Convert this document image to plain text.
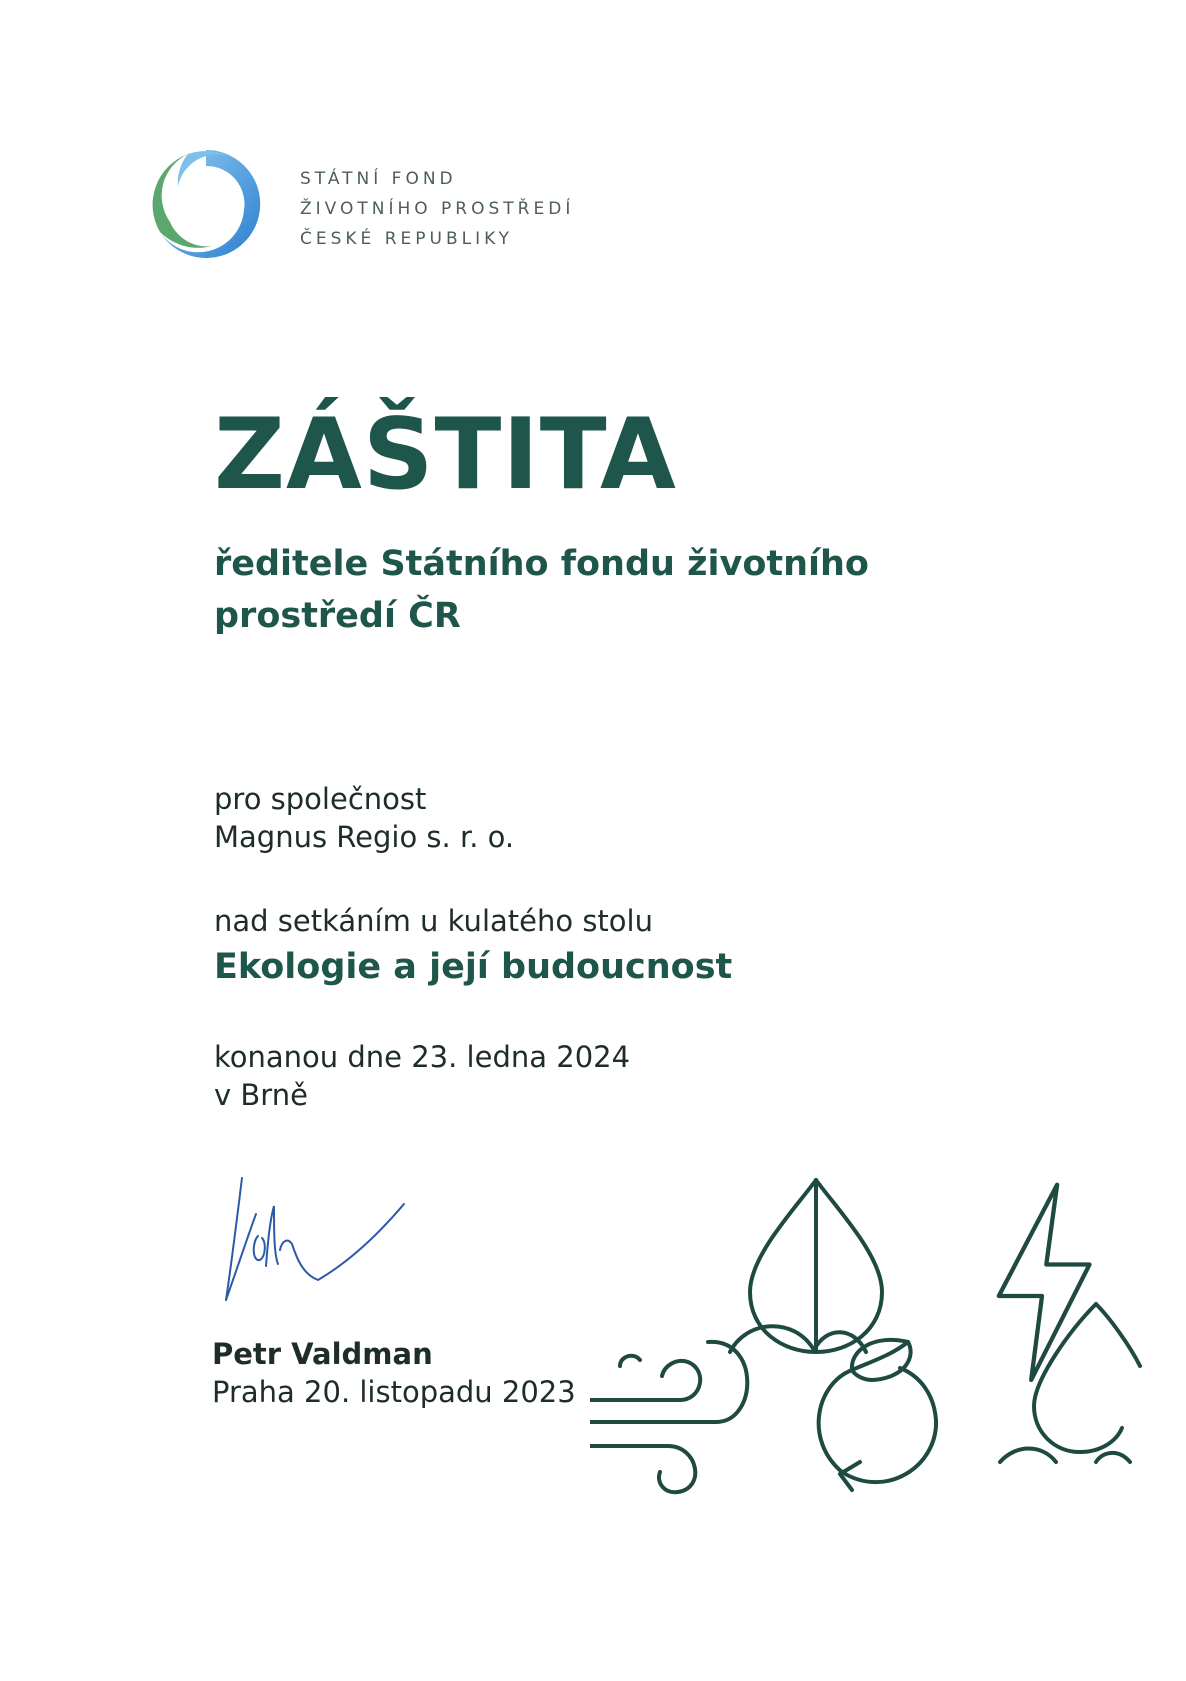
STÁTNÍ FOND
ŽIVOTNÍHO PROSTŘEDÍ
ČESKÉ REPUBLIKY
ZÁŠTITA
ředitele Státního fondu životního
prostředí ČR
pro společnost
Magnus Regio s. r. o.
nad setkáním u kulatého stolu
Ekologie a její budoucnost
konanou dne 23. ledna 2024
v Brně
Petr Valdman
Praha 20. listopadu 2023
